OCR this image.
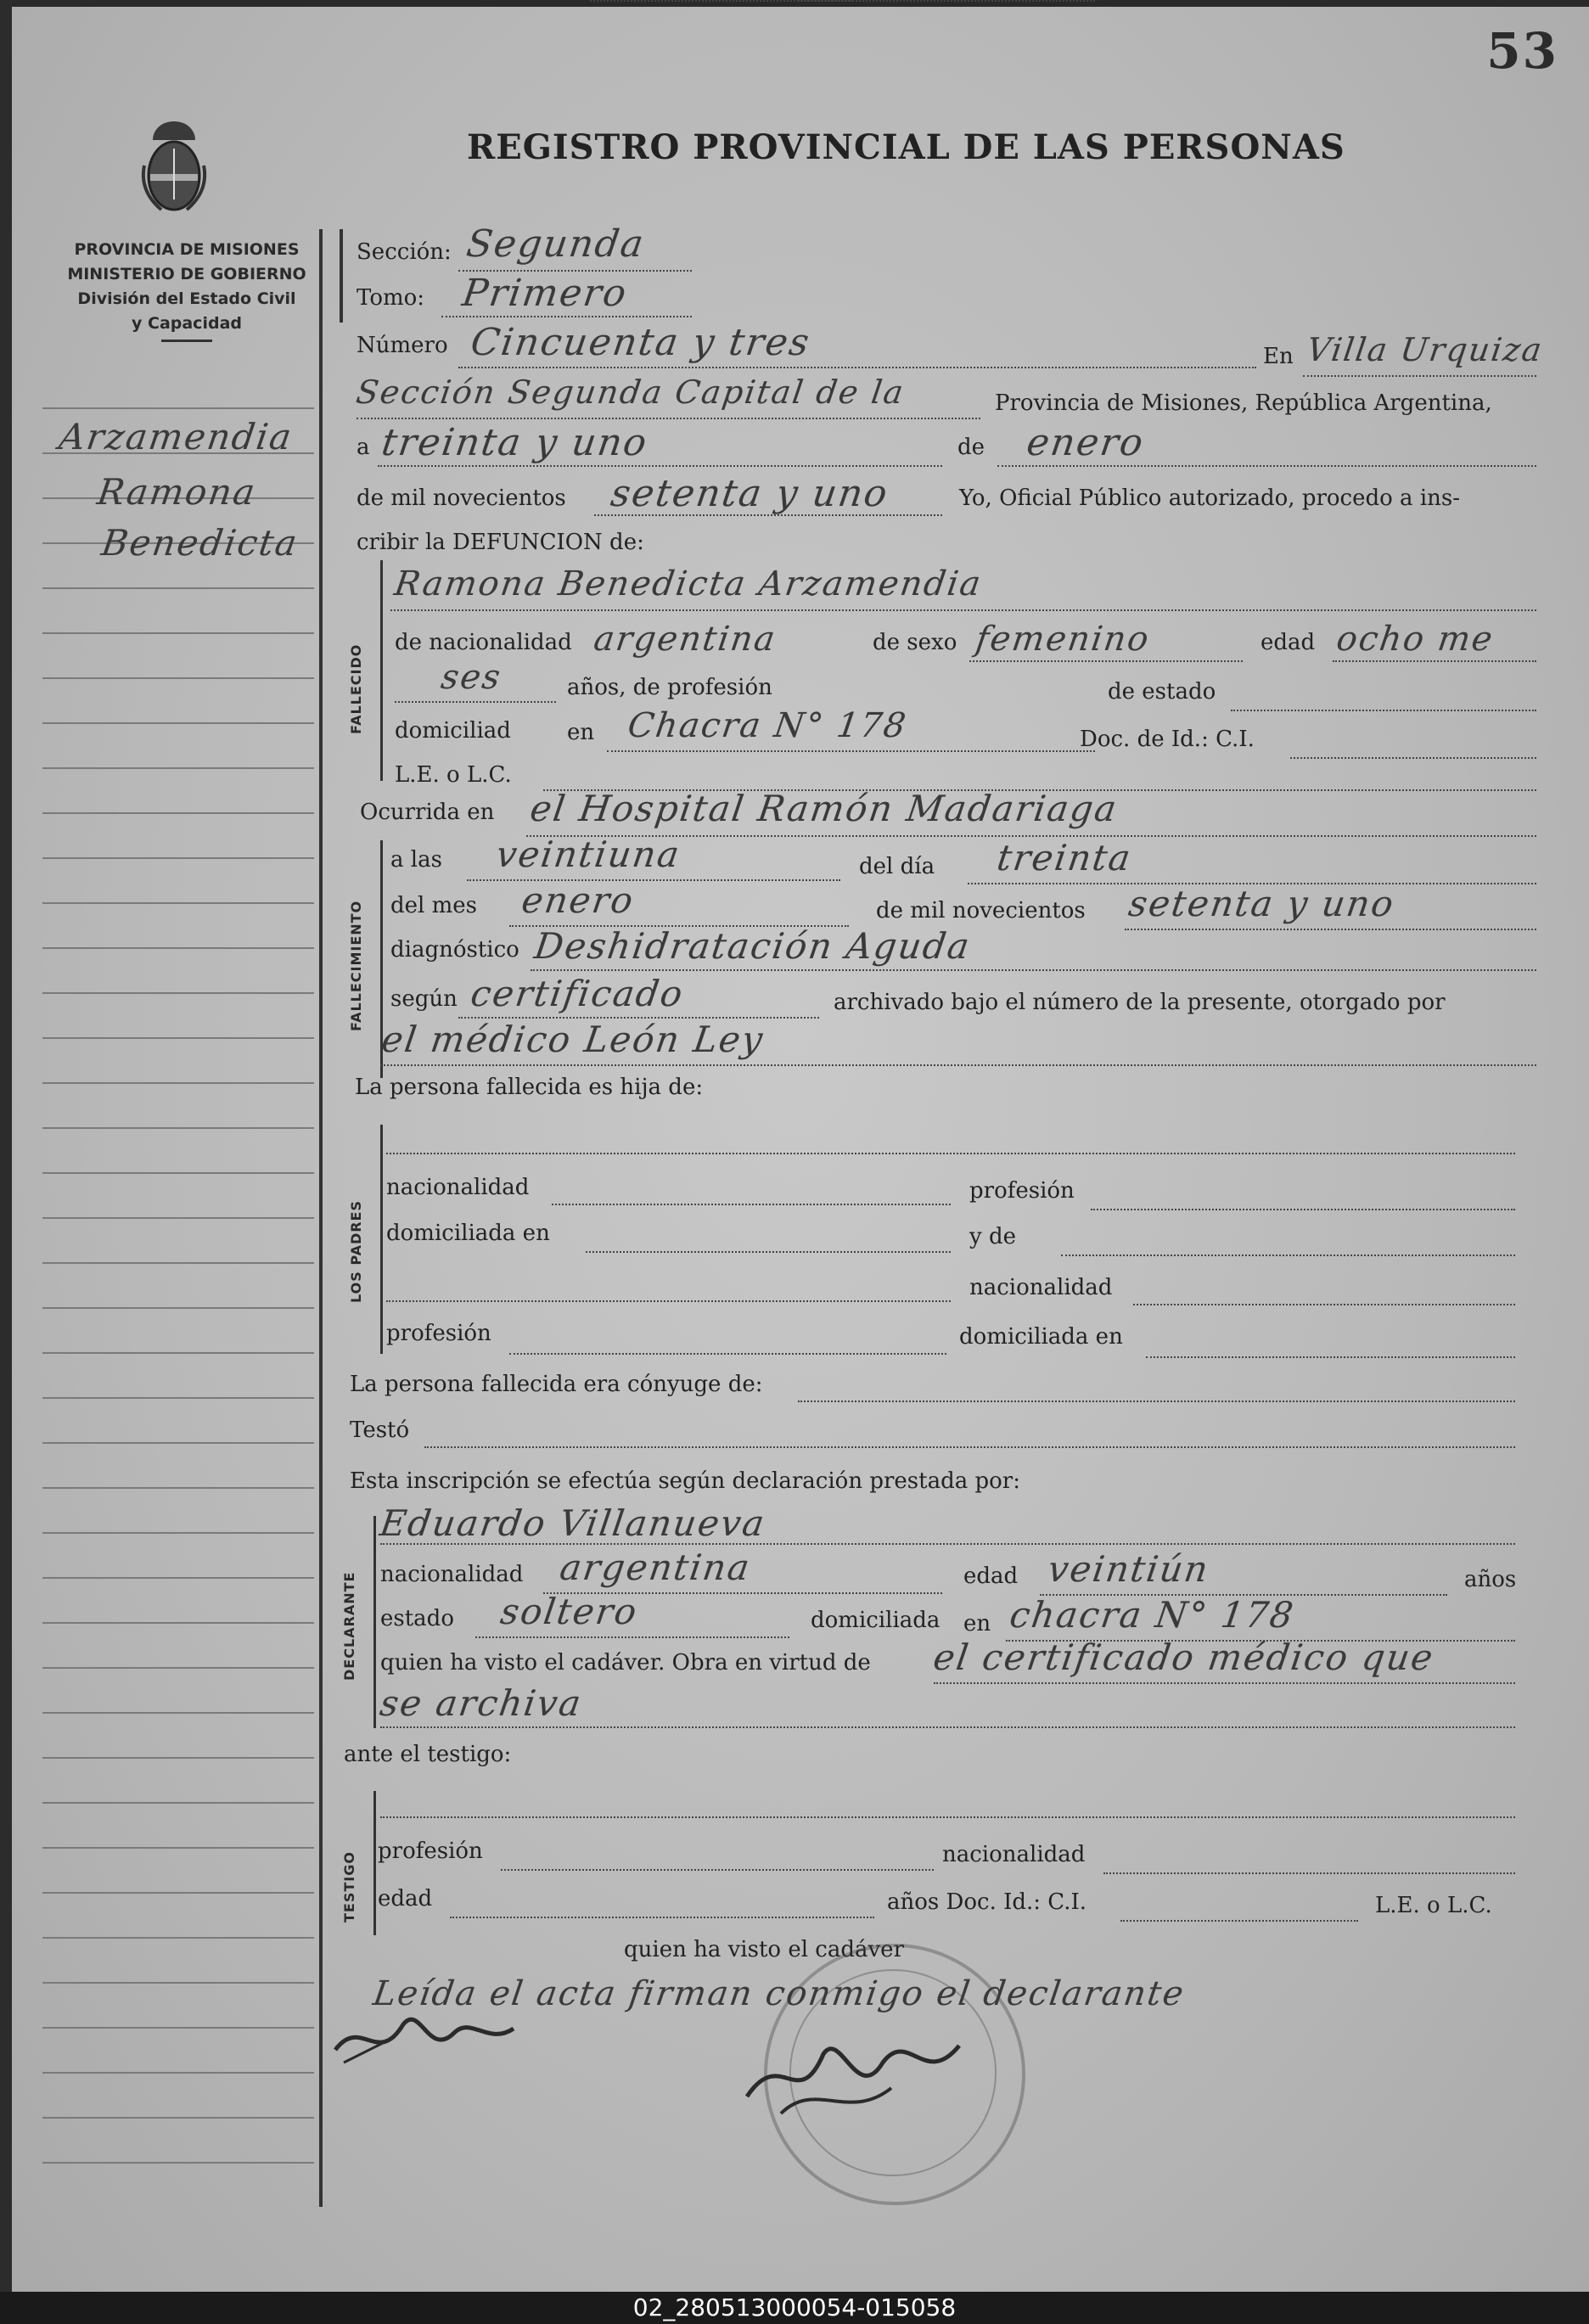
53
REGISTRO PROVINCIAL DE LAS PERSONAS
PROVINCIA DE MISIONES
MINISTERIO DE GOBIERNO
División del Estado Civil
y Capacidad
Arzamendia
Ramona
Benedicta
Sección: Segunda
Tomo: Primero
Número Cincuenta y tres	En Villa Urquiza
Sección Segunda Capital de la	Provincia de Misiones, República Argentina,
a treinta y uno	de enero
de mil novecientos setenta y uno	Yo, Oficial Público autorizado, procedo a ins-
cribir la DEFUNCION de:
FALLECIDO
Ramona Benedicta Arzamendia
de nacionalidad argentina	de sexo femenino	edad ocho me
ses	años, de profesión	de estado
domiciliad	en Chacra N° 178	Doc. de Id.: C.I.
L.E. o L.C.
Ocurrida en el Hospital Ramón Madariaga
FALLECIMIENTO
a las veintiuna	del día treinta
del mes enero	de mil novecientos setenta y uno
diagnóstico Deshidratación Aguda
según certificado	archivado bajo el número de la presente, otorgado por
el médico León Ley
La persona fallecida es hija de:
LOS PADRES
nacionalidad	profesión
domiciliada en	y de
nacionalidad
profesión	domiciliada en
La persona fallecida era cónyuge de:
Testó
Esta inscripción se efectúa según declaración prestada por:
DECLARANTE
Eduardo Villanueva
nacionalidad argentina	edad veintiún	años
estado soltero	domiciliada en chacra N° 178
quien ha visto el cadáver. Obra en virtud de el certificado médico que
se archiva
ante el testigo:
TESTIGO
profesión	nacionalidad
edad	años Doc. Id.: C.I.	L.E. o L.C.
quien ha visto el cadáver
Leída el acta firman conmigo el declarante
02_280513000054-015058
